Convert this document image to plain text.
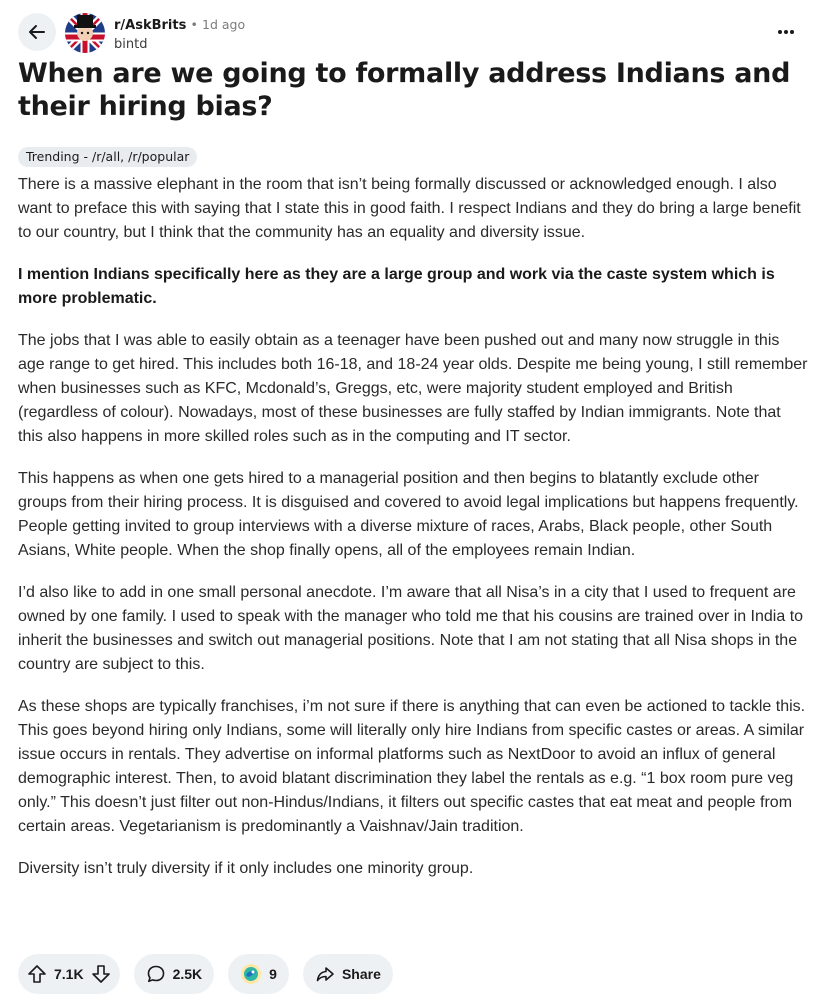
r/AskBrits • 1d ago
bintd
When are we going to formally address Indians and their hiring bias?
Trending - /r/all, /r/popular

There is a massive elephant in the room that isn’t being formally discussed or acknowledged enough. I also want to preface this with saying that I state this in good faith. I respect Indians and they do bring a large benefit to our country, but I think that the community has an equality and diversity issue.

I mention Indians specifically here as they are a large group and work via the caste system which is more problematic.

The jobs that I was able to easily obtain as a teenager have been pushed out and many now struggle in this age range to get hired. This includes both 16-18, and 18-24 year olds. Despite me being young, I still remember when businesses such as KFC, Mcdonald’s, Greggs, etc, were majority student employed and British (regardless of colour). Nowadays, most of these businesses are fully staffed by Indian immigrants. Note that this also happens in more skilled roles such as in the computing and IT sector.

This happens as when one gets hired to a managerial position and then begins to blatantly exclude other groups from their hiring process. It is disguised and covered to avoid legal implications but happens frequently. People getting invited to group interviews with a diverse mixture of races, Arabs, Black people, other South Asians, White people. When the shop finally opens, all of the employees remain Indian.

I’d also like to add in one small personal anecdote. I’m aware that all Nisa’s in a city that I used to frequent are owned by one family. I used to speak with the manager who told me that his cousins are trained over in India to inherit the businesses and switch out managerial positions. Note that I am not stating that all Nisa shops in the country are subject to this.

As these shops are typically franchises, i’m not sure if there is anything that can even be actioned to tackle this. This goes beyond hiring only Indians, some will literally only hire Indians from specific castes or areas. A similar issue occurs in rentals. They advertise on informal platforms such as NextDoor to avoid an influx of general demographic interest. Then, to avoid blatant discrimination they label the rentals as e.g. “1 box room pure veg only.” This doesn’t just filter out non-Hindus/Indians, it filters out specific castes that eat meat and people from certain areas. Vegetarianism is predominantly a Vaishnav/Jain tradition.

Diversity isn’t truly diversity if it only includes one minority group.

7.1K	2.5K	9	Share
